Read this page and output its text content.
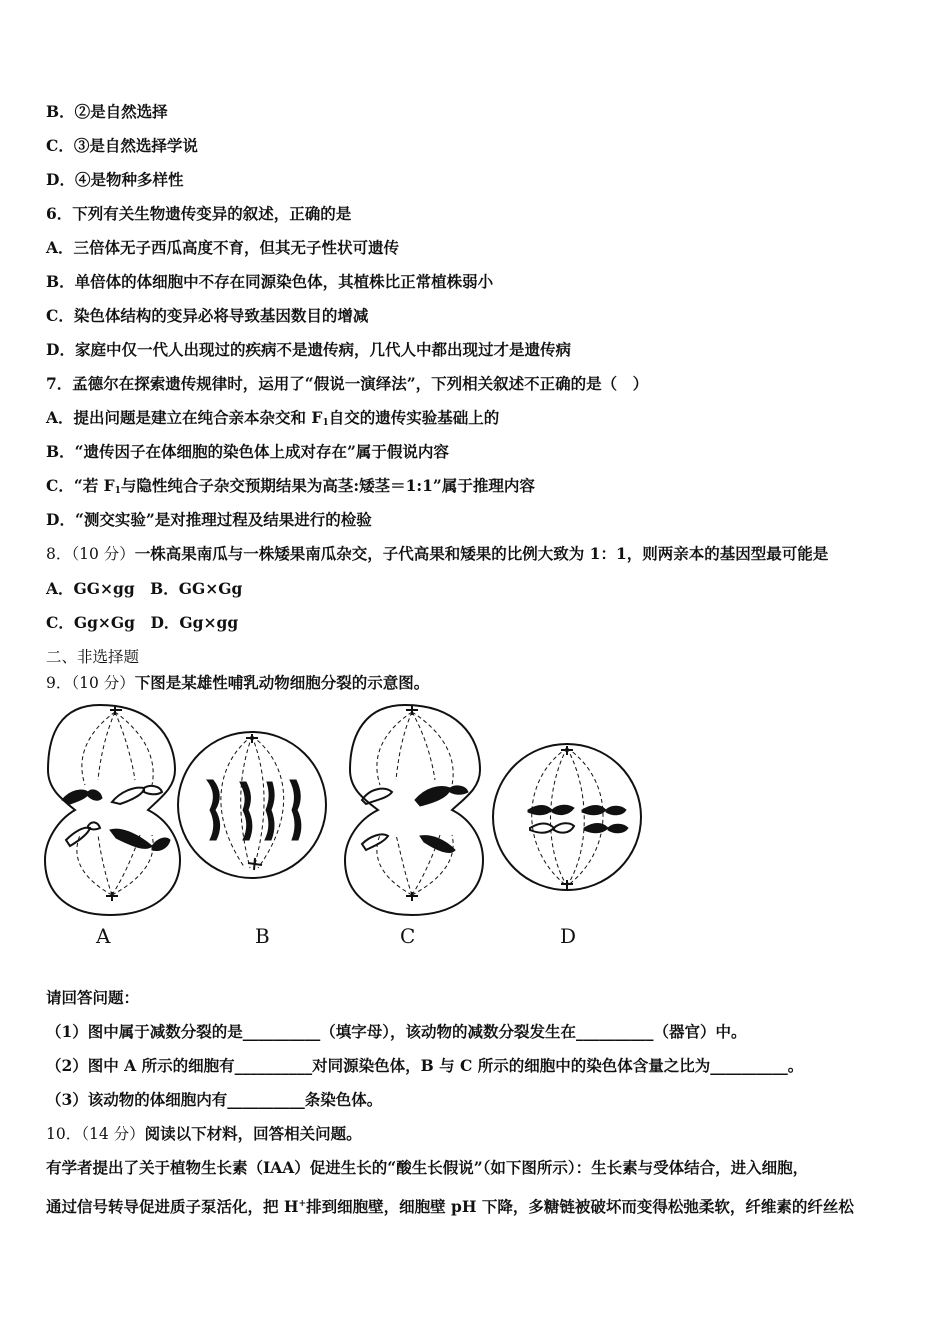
B．②是自然选择
C．③是自然选择学说
D．④是物种多样性
6．下列有关生物遗传变异的叙述，正确的是
A．三倍体无子西瓜高度不育，但其无子性状可遗传
B．单倍体的体细胞中不存在同源染色体，其植株比正常植株弱小
C．染色体结构的变异必将导致基因数目的增减
D．家庭中仅一代人出现过的疾病不是遗传病，几代人中都出现过才是遗传病
7．孟德尔在探索遗传规律时，运用了“假说一演绎法”，下列相关叙述不正确的是（　）
A．提出问题是建立在纯合亲本杂交和 $F_1$自交的遗传实验基础上的
B．“遗传因子在体细胞的染色体上成对存在”属于假说内容
C．“若 $F_1$与隐性纯合子杂交预期结果为高茎:矮茎＝1:1”属于推理内容
D．“测交实验”是对推理过程及结果进行的检验
8．（10 分）一株高果南瓜与一株矮果南瓜杂交，子代高果和矮果的比例大致为 1：1，则两亲本的基因型最可能是
A．GG×gg　B．GG×Gg
C．Gg×Gg　D．Gg×gg
二、非选择题
9．（10 分）下图是某雄性哺乳动物细胞分裂的示意图。
A	B	C	D
请回答问题：
（1）图中属于减数分裂的是__________（填字母），该动物的减数分裂发生在__________（器官）中。
（2）图中 A 所示的细胞有__________对同源染色体，B 与 C 所示的细胞中的染色体含量之比为__________。
（3）该动物的体细胞内有__________条染色体。
10．（14 分）阅读以下材料，回答相关问题。
有学者提出了关于植物生长素（IAA）促进生长的“酸生长假说”（如下图所示）：生长素与受体结合，进入细胞，
通过信号转导促进质子泵活化，把 H+排到细胞壁，细胞壁 pH 下降，多糖链被破坏而变得松弛柔软，纤维素的纤丝松
